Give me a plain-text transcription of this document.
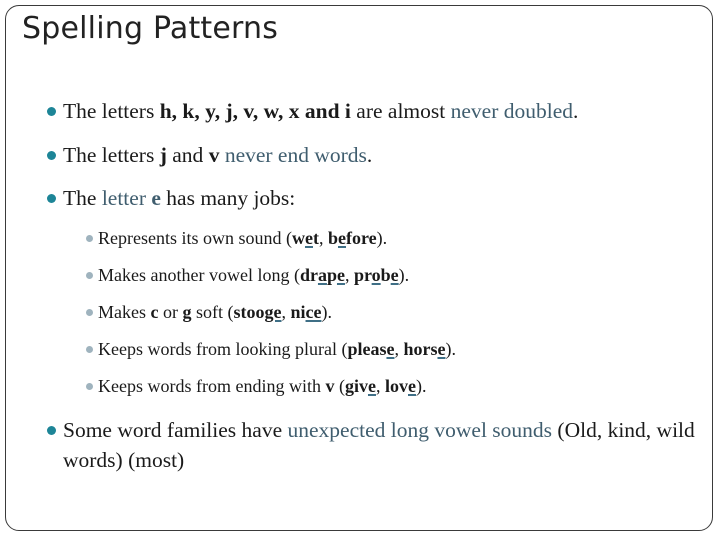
Spelling Patterns
The letters h, k, y, j, v, w, x and i are almost never doubled.
The letters j and v never end words.
The letter e has many jobs:
Represents its own sound (wet, before).
Makes another vowel long (drape, probe).
Makes c or g soft (stooge, nice).
Keeps words from looking plural (please, horse).
Keeps words from ending with v (give, love).
Some word families have unexpected long vowel sounds (Old, kind, wild words) (most)
